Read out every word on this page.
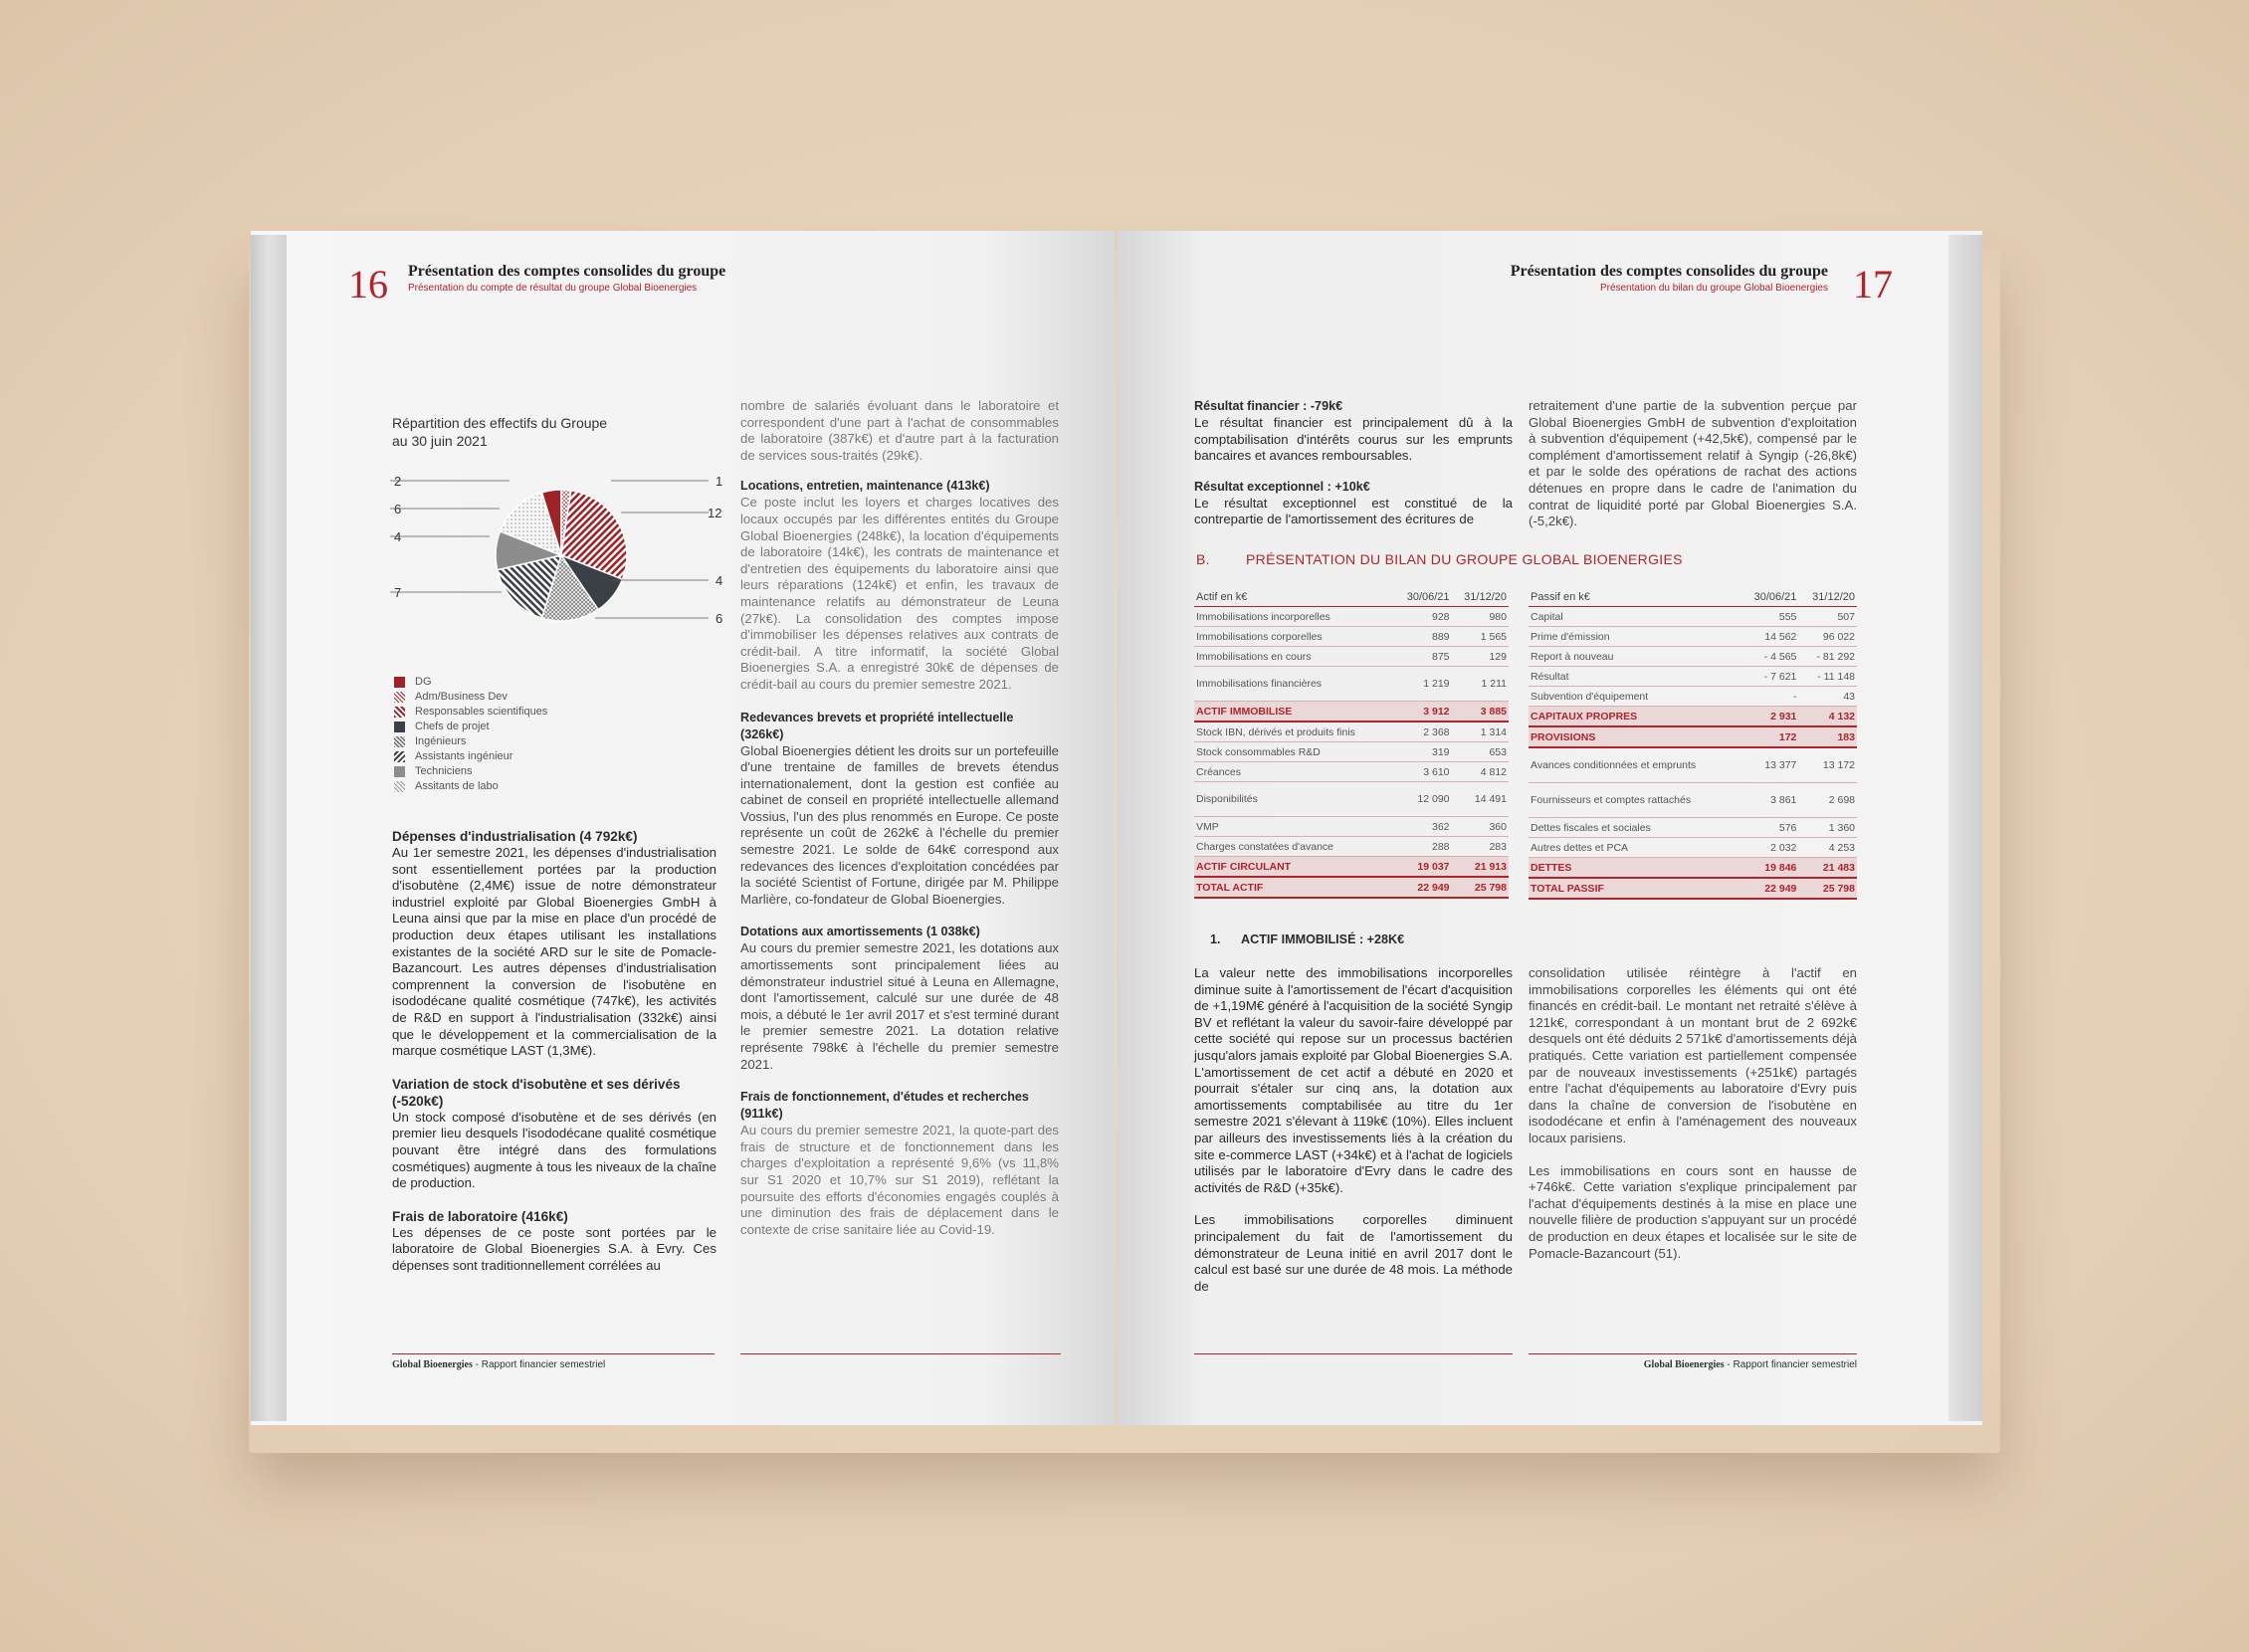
16 Présentation des comptes consolides du groupe
Présentation du compte de résultat du groupe Global Bioenergies
Répartition des effectifs du Groupe
au 30 juin 2021
2
6
4
7
1
12
4
6
DG
Adm/Business Dev
Responsables scientifiques
Chefs de projet
Ingénieurs
Assistants ingénieur
Techniciens
Assitants de labo
Dépenses d'industrialisation (4 792k€)
Au 1er semestre 2021, les dépenses d'industrialisation sont essentiellement portées par la production d'isobutène (2,4M€) issue de notre démonstrateur industriel exploité par Global Bioenergies GmbH à Leuna ainsi que par la mise en place d'un procédé de production deux étapes utilisant les installations existantes de la société ARD sur le site de Pomacle-Bazancourt. Les autres dépenses d'industrialisation comprennent la conversion de l'isobutène en isododécane qualité cosmétique (747k€), les activités de R&D en support à l'industrialisation (332k€) ainsi que le développement et la commercialisation de la marque cosmétique LAST (1,3M€).
Variation de stock d'isobutène et ses dérivés (-520k€)
Un stock composé d'isobutène et de ses dérivés (en premier lieu desquels l'isododécane qualité cosmétique pouvant être intégré dans des formulations cosmétiques) augmente à tous les niveaux de la chaîne de production.
Frais de laboratoire (416k€)
Les dépenses de ce poste sont portées par le laboratoire de Global Bioenergies S.A. à Evry. Ces dépenses sont traditionnellement corrélées au
nombre de salariés évoluant dans le laboratoire et correspondent d'une part à l'achat de consommables de laboratoire (387k€) et d'autre part à la facturation de services sous-traités (29k€).
Locations, entretien, maintenance (413k€)
Ce poste inclut les loyers et charges locatives des locaux occupés par les différentes entités du Groupe Global Bioenergies (248k€), la location d'équipements de laboratoire (14k€), les contrats de maintenance et d'entretien des équipements du laboratoire ainsi que leurs réparations (124k€) et enfin, les travaux de maintenance relatifs au démonstrateur de Leuna (27k€). La consolidation des comptes impose d'immobiliser les dépenses relatives aux contrats de crédit-bail. A titre informatif, la société Global Bioenergies S.A. a enregistré 30k€ de dépenses de crédit-bail au cours du premier semestre 2021.
Redevances brevets et propriété intellectuelle (326k€)
Global Bioenergies détient les droits sur un portefeuille d'une trentaine de familles de brevets étendus internationalement, dont la gestion est confiée au cabinet de conseil en propriété intellectuelle allemand Vossius, l'un des plus renommés en Europe. Ce poste représente un coût de 262k€ à l'échelle du premier semestre 2021. Le solde de 64k€ correspond aux redevances des licences d'exploitation concédées par la société Scientist of Fortune, dirigée par M. Philippe Marlière, co-fondateur de Global Bioenergies.
Dotations aux amortissements (1 038k€)
Au cours du premier semestre 2021, les dotations aux amortissements sont principalement liées au démonstrateur industriel situé à Leuna en Allemagne, dont l'amortissement, calculé sur une durée de 48 mois, a débuté le 1er avril 2017 et s'est terminé durant le premier semestre 2021. La dotation relative représente 798k€ à l'échelle du premier semestre 2021.
Frais de fonctionnement, d'études et recherches (911k€)
Au cours du premier semestre 2021, la quote-part des frais de structure et de fonctionnement dans les charges d'exploitation a représenté 9,6% (vs 11,8% sur S1 2020 et 10,7% sur S1 2019), reflétant la poursuite des efforts d'économies engagés couplés à une diminution des frais de déplacement dans le contexte de crise sanitaire liée au Covid-19.
Global Bioenergies - Rapport financier semestriel
17
Présentation des comptes consolides du groupe
Présentation du bilan du groupe Global Bioenergies
Résultat financier : -79k€
Le résultat financier est principalement dû à la comptabilisation d'intérêts courus sur les emprunts bancaires et avances remboursables.
Résultat exceptionnel : +10k€
Le résultat exceptionnel est constitué de la contrepartie de l'amortissement des écritures de
retraitement d'une partie de la subvention perçue par Global Bioenergies GmbH de subvention d'exploitation à subvention d'équipement (+42,5k€), compensé par le complément d'amortissement relatif à Syngip (-26,8k€) et par le solde des opérations de rachat des actions détenues en propre dans le cadre de l'animation du contrat de liquidité porté par Global Bioenergies S.A. (-5,2k€).
B.	PRÉSENTATION DU BILAN DU GROUPE GLOBAL BIOENERGIES
Actif en k€	30/06/21	31/12/20
Immobilisations incorporelles	928	980
Immobilisations corporelles	889	1 565
Immobilisations en cours	875	129
Immobilisations financières	1 219	1 211
ACTIF IMMOBILISE	3 912	3 885
Stock IBN, dérivés et produits finis	2 368	1 314
Stock consommables R&D	319	653
Créances	3 610	4 812
Disponibilités	12 090	14 491
VMP	362	360
Charges constatées d'avance	288	283
ACTIF CIRCULANT	19 037	21 913
TOTAL ACTIF	22 949	25 798
Passif en k€	30/06/21	31/12/20
Capital	555	507
Prime d'émission	14 562	96 022
Report à nouveau	- 4 565	- 81 292
Résultat	- 7 621	- 11 148
Subvention d'équipement	-	43
CAPITAUX PROPRES	2 931	4 132
PROVISIONS	172	183
Avances conditionnées et emprunts	13 377	13 172
Fournisseurs et comptes rattachés	3 861	2 698
Dettes fiscales et sociales	576	1 360
Autres dettes et PCA	2 032	4 253
DETTES	19 846	21 483
TOTAL PASSIF	22 949	25 798
1.      ACTIF IMMOBILISÉ : +28K€
La valeur nette des immobilisations incorporelles diminue suite à l'amortissement de l'écart d'acquisition de +1,19M€ généré à l'acquisition de la société Syngip BV et reflétant la valeur du savoir-faire développé par cette société qui repose sur un processus bactérien jusqu'alors jamais exploité par Global Bioenergies S.A. L'amortissement de cet actif a débuté en 2020 et pourrait s'étaler sur cinq ans, la dotation aux amortissements comptabilisée au titre du 1er semestre 2021 s'élevant à 119k€ (10%). Elles incluent par ailleurs des investissements liés à la création du site e-commerce LAST (+34k€) et à l'achat de logiciels utilisés par le laboratoire d'Evry dans le cadre des activités de R&D (+35k€).
Les immobilisations corporelles diminuent principalement du fait de l'amortissement du démonstrateur de Leuna initié en avril 2017 dont le calcul est basé sur une durée de 48 mois. La méthode de
consolidation utilisée réintègre à l'actif en immobilisations corporelles les éléments qui ont été financés en crédit-bail. Le montant net retraité s'élève à 121k€, correspondant à un montant brut de 2 692k€ desquels ont été déduits 2 571k€ d'amortissements déjà pratiqués. Cette variation est partiellement compensée par de nouveaux investissements (+251k€) partagés entre l'achat d'équipements au laboratoire d'Evry puis dans la chaîne de conversion de l'isobutène en isododécane et enfin à l'aménagement des nouveaux locaux parisiens.
Les immobilisations en cours sont en hausse de +746k€. Cette variation s'explique principalement par l'achat d'équipements destinés à la mise en place une nouvelle filière de production s'appuyant sur un procédé de production en deux étapes et localisée sur le site de Pomacle-Bazancourt (51).
Global Bioenergies - Rapport financier semestriel
